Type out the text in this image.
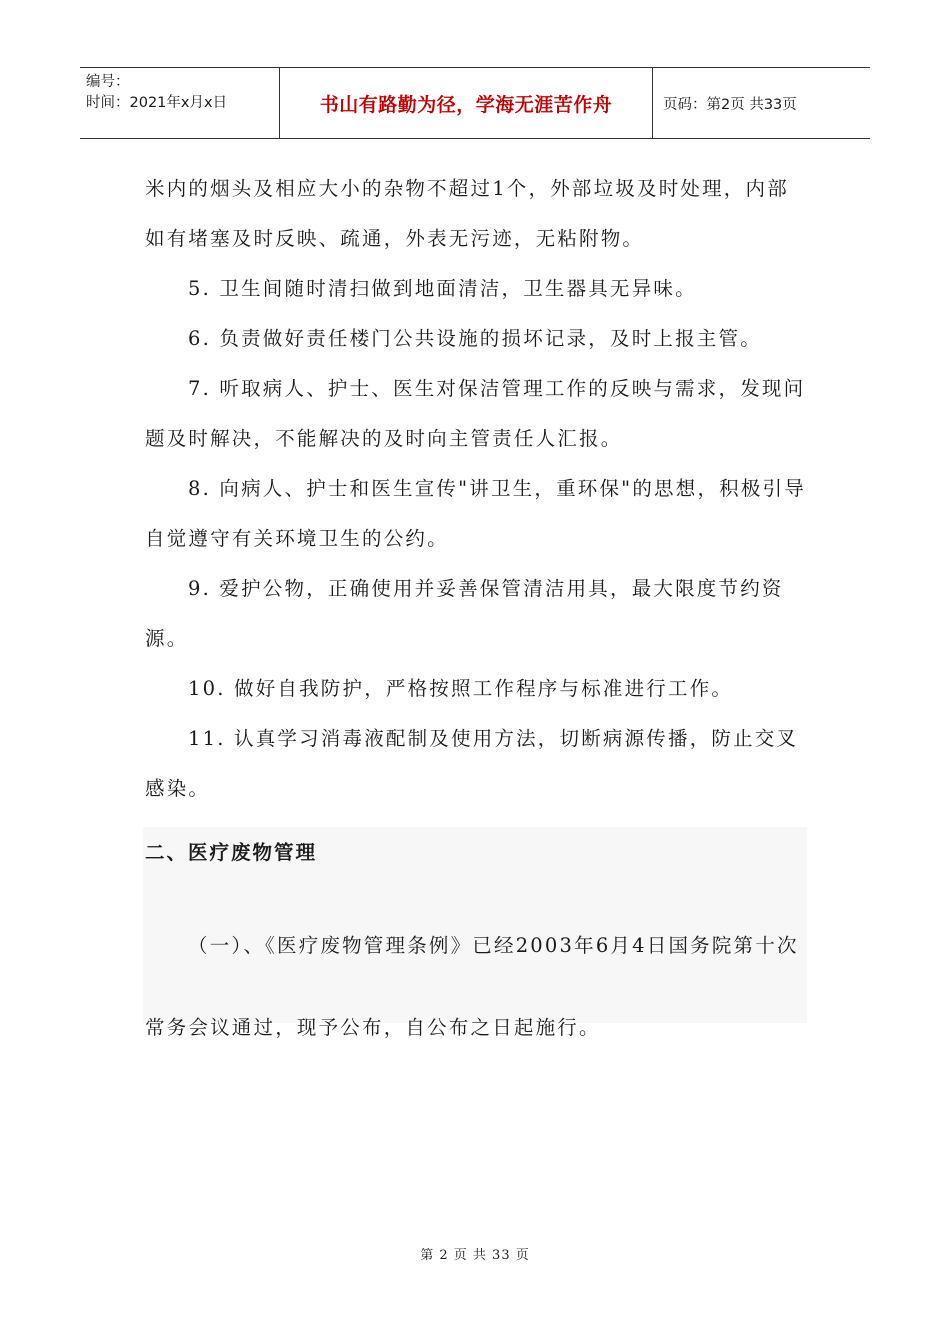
编号：
时间：2021年x月x日	书山有路勤为径，学海无涯苦作舟	页码：第2页 共33页

米内的烟头及相应大小的杂物不超过1个，外部垃圾及时处理，内部如有堵塞及时反映、疏通，外表无污迹，无粘附物。

5. 卫生间随时清扫做到地面清洁，卫生器具无异味。

6. 负责做好责任楼门公共设施的损坏记录，及时上报主管。

7. 听取病人、护士、医生对保洁管理工作的反映与需求，发现问题及时解决，不能解决的及时向主管责任人汇报。

8. 向病人、护士和医生宣传"讲卫生，重环保"的思想，积极引导自觉遵守有关环境卫生的公约。

9. 爱护公物，正确使用并妥善保管清洁用具，最大限度节约资源。

10. 做好自我防护，严格按照工作程序与标准进行工作。

11. 认真学习消毒液配制及使用方法，切断病源传播，防止交叉感染。

二、医疗废物管理
（一）、《医疗废物管理条例》已经2003年6月4日国务院第十次常务会议通过，现予公布，自公布之日起施行。
第 2 页 共 33 页
